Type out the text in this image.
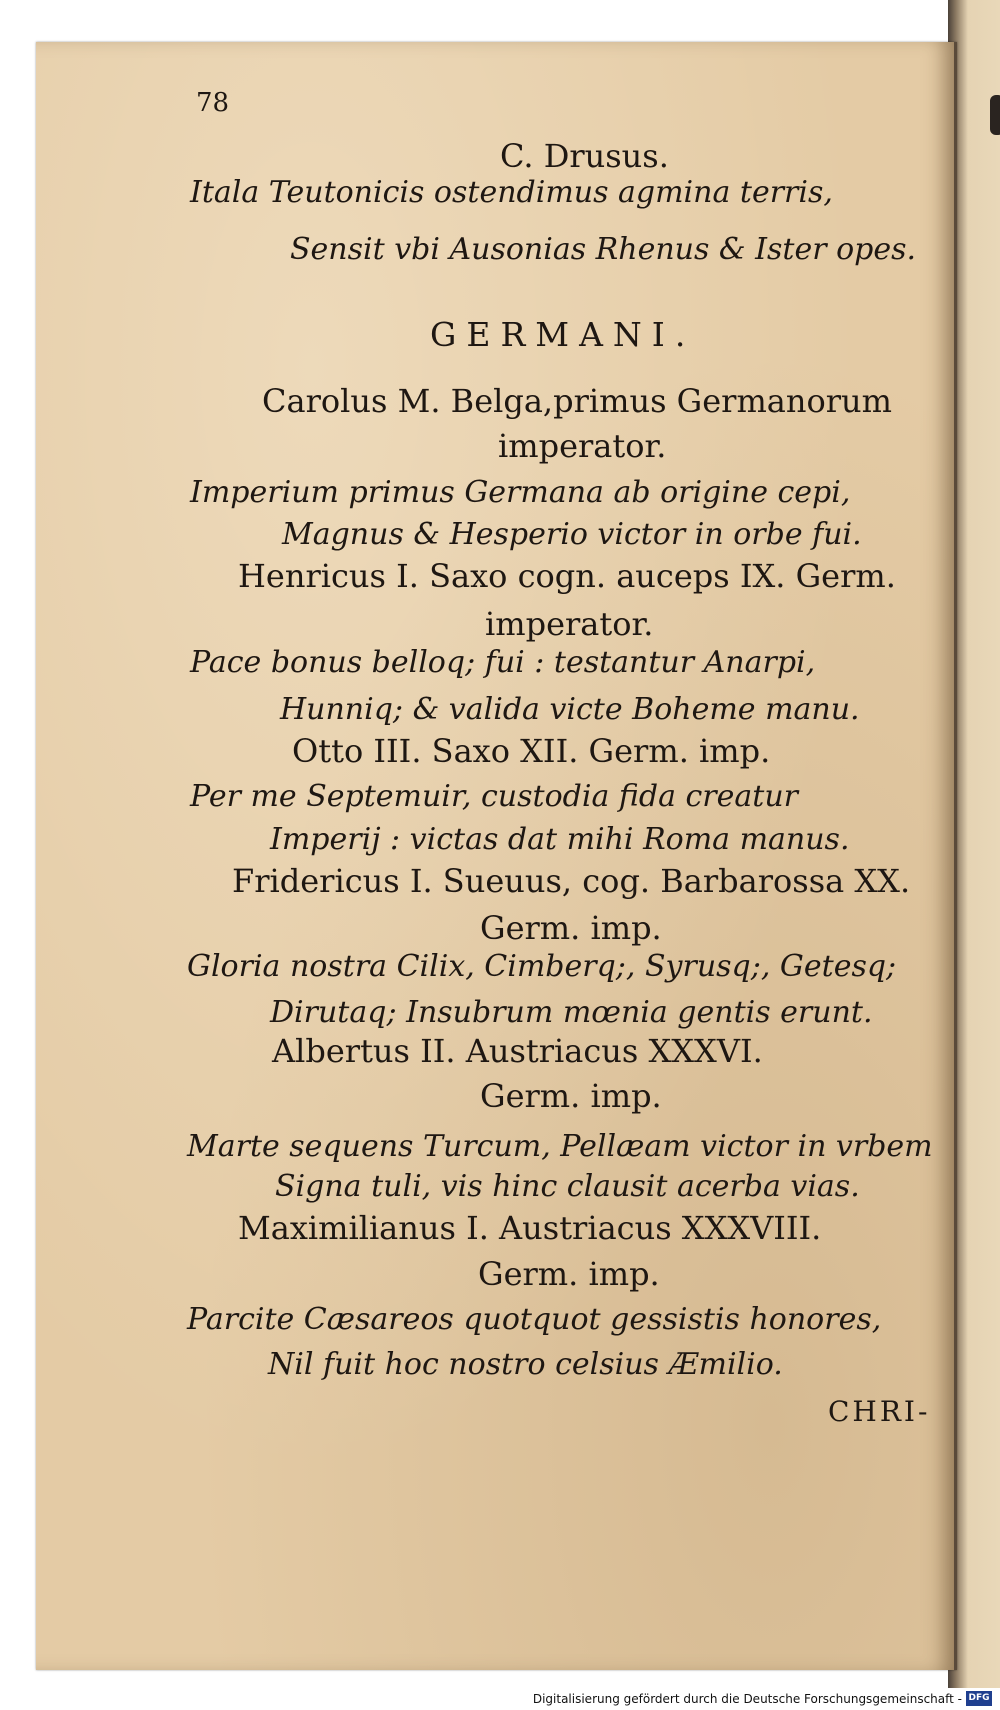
78
C. Drusus.
Itala Teutonicis ostendimus agmina terris,
Sensit vbi Ausonias Rhenus & Ister opes.
GERMANI.
Carolus M. Belga,primus Germanorum
imperator.
Imperium primus Germana ab origine cepi,
Magnus & Hesperio victor in orbe fui.
Henricus I. Saxo cogn. auceps IX. Germ.
imperator.
Pace bonus belloq; fui : testantur Anarpi,
Hunniq; & valida victe Boheme manu.
Otto III. Saxo XII. Germ. imp.
Per me Septemuir, custodia fida creatur
Imperij : victas dat mihi Roma manus.
Fridericus I. Sueuus, cog. Barbarossa XX.
Germ. imp.
Gloria nostra Cilix, Cimberq;, Syrusq;, Getesq;
Dirutaq; Insubrum mœnia gentis erunt.
Albertus II. Austriacus XXXVI.
Germ. imp.
Marte sequens Turcum, Pellæam victor in vrbem
Signa tuli, vis hinc clausit acerba vias.
Maximilianus I. Austriacus XXXVIII.
Germ. imp.
Parcite Cæsareos quotquot gessistis honores,
Nil fuit hoc nostro celsius Æmilio.
CHRI-
Digitalisierung gefördert durch die Deutsche Forschungsgemeinschaft - DFG
